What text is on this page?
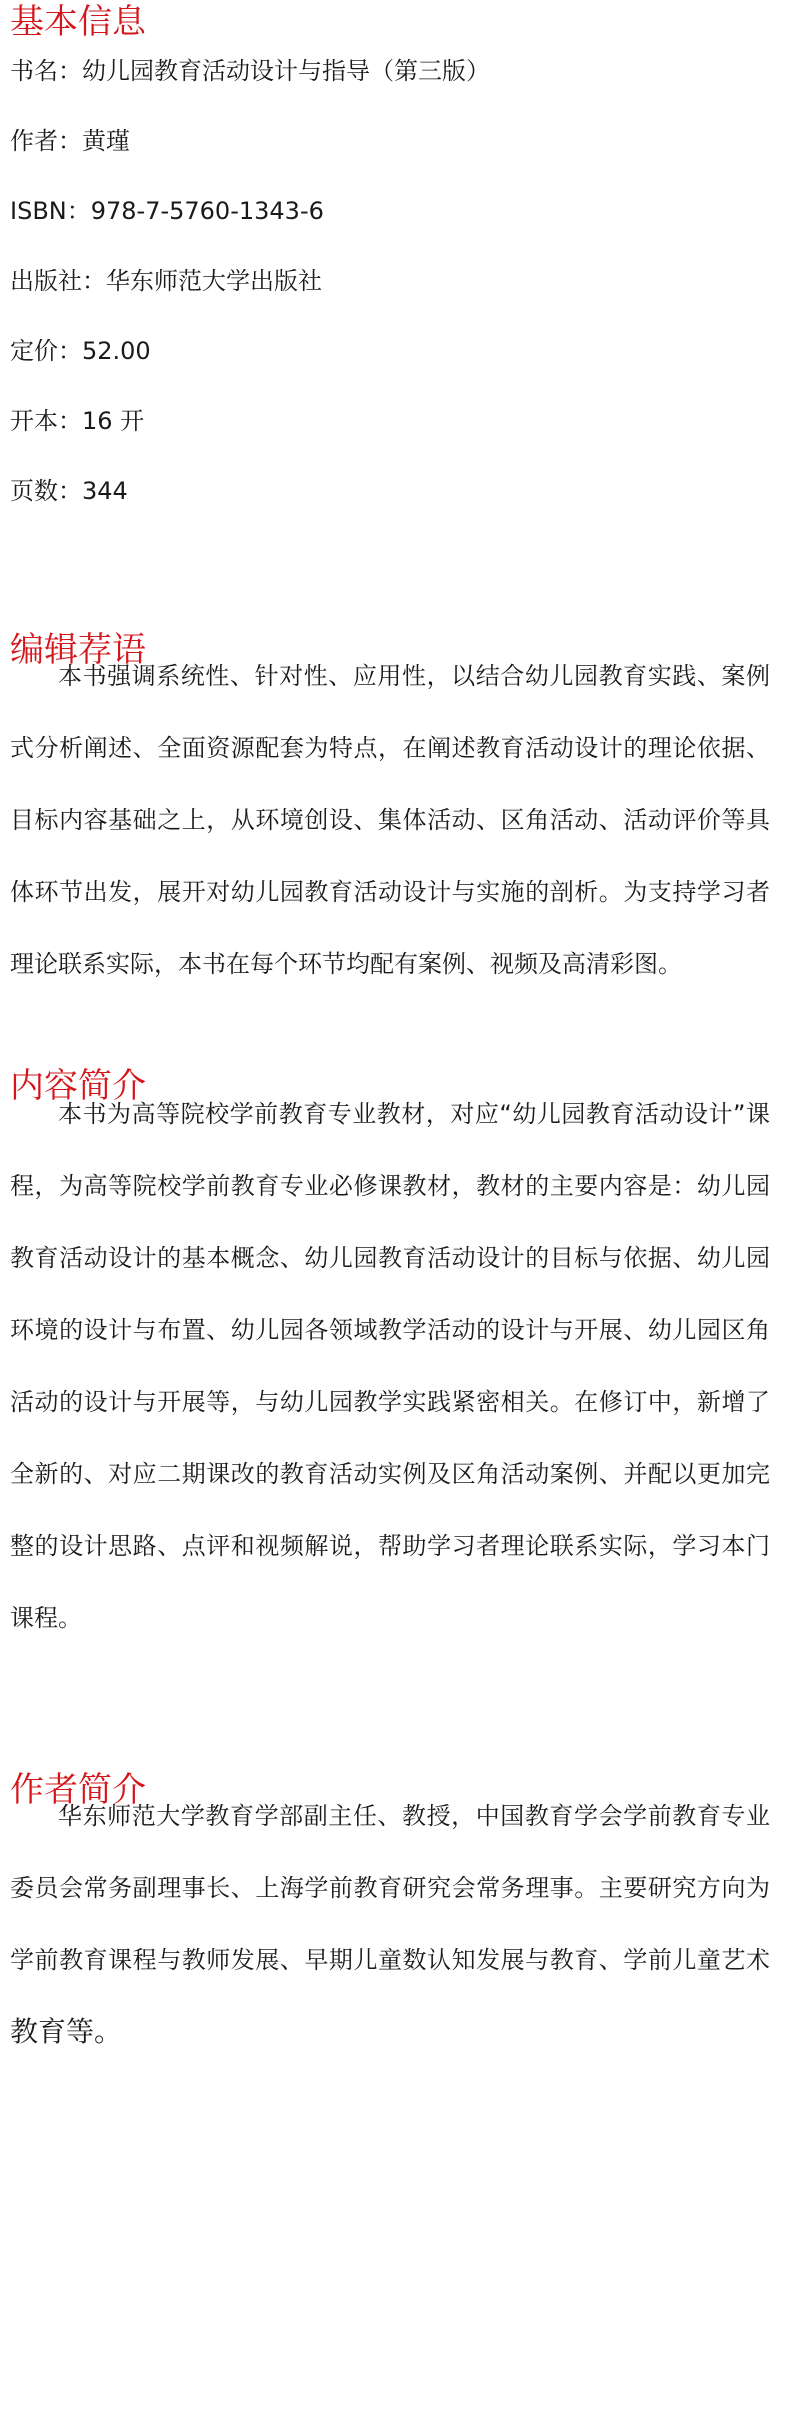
基本信息

书名：幼儿园教育活动设计与指导（第三版）

作者：黄瑾

ISBN：978-7-5760-1343-6

出版社：华东师范大学出版社

定价：52.00

开本：16 开

页数：344

编辑荐语

本书强调系统性、针对性、应用性，以结合幼儿园教育实践、案例式分析阐述、全面资源配套为特点，在阐述教育活动设计的理论依据、目标内容基础之上，从环境创设、集体活动、区角活动、活动评价等具体环节出发，展开对幼儿园教育活动设计与实施的剖析。为支持学习者理论联系实际，本书在每个环节均配有案例、视频及高清彩图。

内容简介

本书为高等院校学前教育专业教材，对应“幼儿园教育活动设计”课程，为高等院校学前教育专业必修课教材，教材的主要内容是：幼儿园教育活动设计的基本概念、幼儿园教育活动设计的目标与依据、幼儿园环境的设计与布置、幼儿园各领域教学活动的设计与开展、幼儿园区角活动的设计与开展等，与幼儿园教学实践紧密相关。在修订中，新增了全新的、对应二期课改的教育活动实例及区角活动案例、并配以更加完整的设计思路、点评和视频解说，帮助学习者理论联系实际，学习本门课程。

作者简介

华东师范大学教育学部副主任、教授，中国教育学会学前教育专业委员会常务副理事长、上海学前教育研究会常务理事。主要研究方向为学前教育课程与教师发展、早期儿童数认知发展与教育、学前儿童艺术教育等。
